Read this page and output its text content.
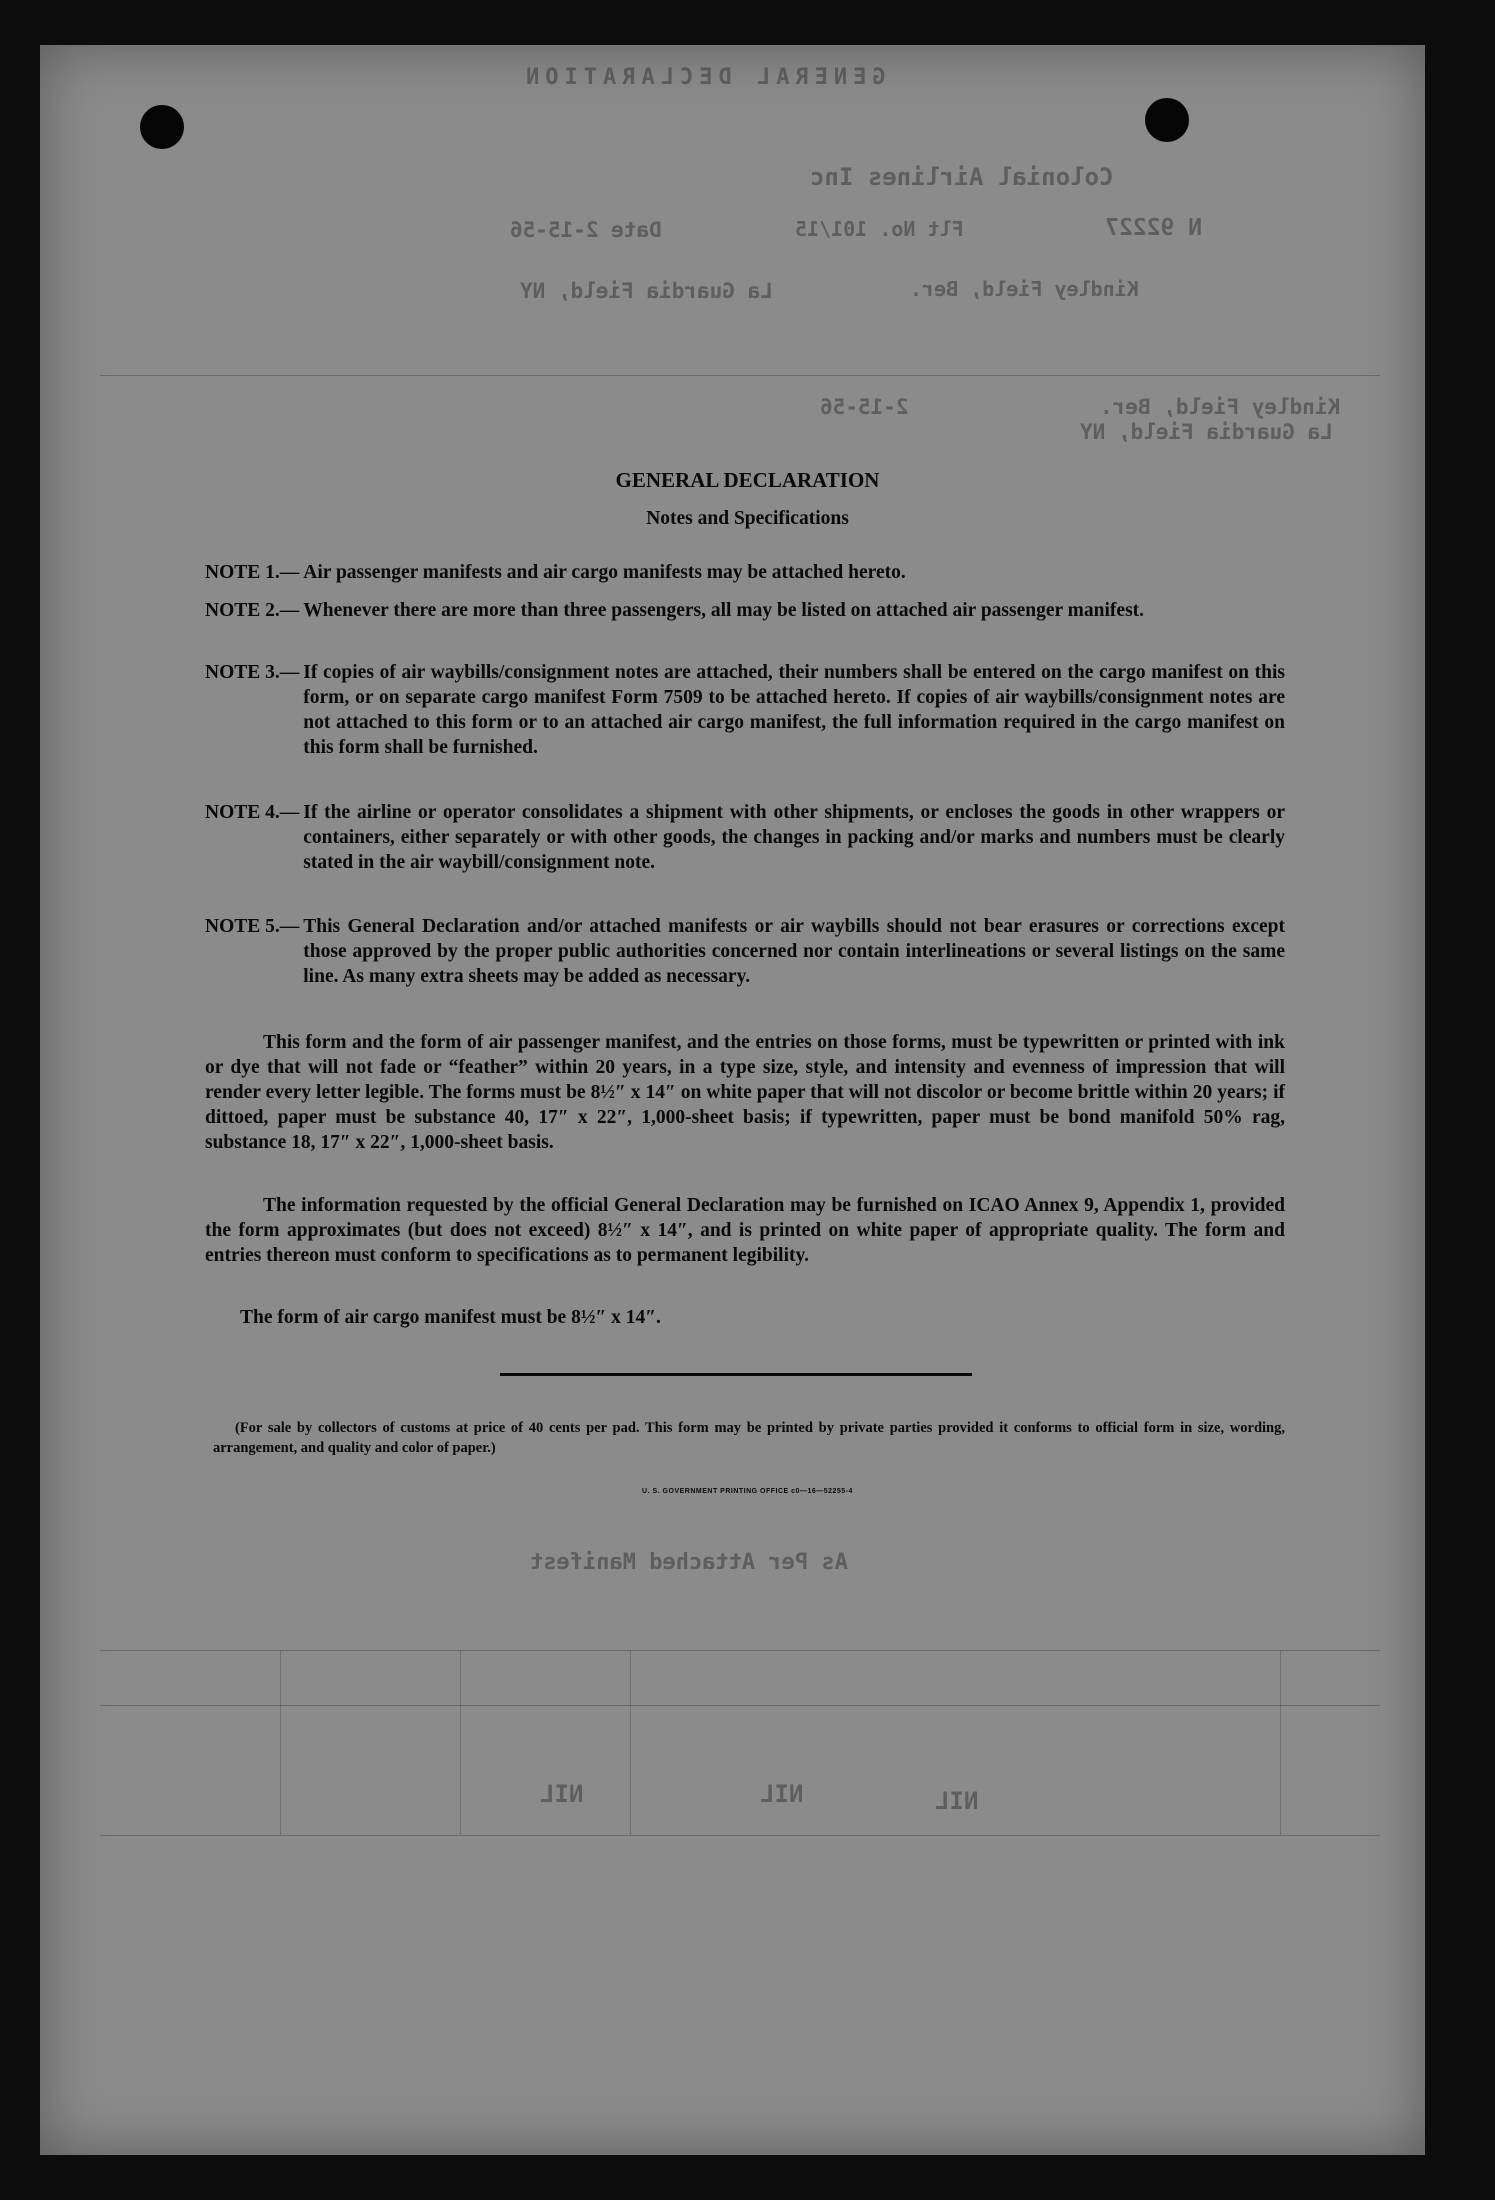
GENERAL DECLARATION
Colonial Airlines Inc
N 92227
Flt No. 101/15
Date 2-15-56
Kindley Field, Ber.
La Guardia Field, NY
Kindley Field, Ber.
La Guardia Field, NY
2-15-56
As Per Attached Manifest
NIL	NIL	NIL
GENERAL DECLARATION
Notes and Specifications
NOTE 1.— Air passenger manifests and air cargo manifests may be attached hereto.
NOTE 2.— Whenever there are more than three passengers, all may be listed on attached air passenger manifest.
NOTE 3.— If copies of air waybills/consignment notes are attached, their numbers shall be entered on the cargo manifest on this form, or on separate cargo manifest Form 7509 to be attached hereto. If copies of air waybills/consignment notes are not attached to this form or to an attached air cargo manifest, the full information required in the cargo manifest on this form shall be furnished.
NOTE 4.— If the airline or operator consolidates a shipment with other shipments, or encloses the goods in other wrappers or containers, either separately or with other goods, the changes in packing and/or marks and numbers must be clearly stated in the air waybill/consignment note.
NOTE 5.— This General Declaration and/or attached manifests or air waybills should not bear erasures or corrections except those approved by the proper public authorities concerned nor contain interlineations or several listings on the same line. As many extra sheets may be added as necessary.
This form and the form of air passenger manifest, and the entries on those forms, must be typewritten or printed with ink or dye that will not fade or “feather” within 20 years, in a type size, style, and intensity and evenness of impression that will render every letter legible. The forms must be 8½″ x 14″ on white paper that will not discolor or become brittle within 20 years; if dittoed, paper must be substance 40, 17″ x 22″, 1,000-sheet basis; if typewritten, paper must be bond manifold 50% rag, substance 18, 17″ x 22″, 1,000-sheet basis.
The information requested by the official General Declaration may be furnished on ICAO Annex 9, Appendix 1, provided the form approximates (but does not exceed) 8½″ x 14″, and is printed on white paper of appropriate quality. The form and entries thereon must conform to specifications as to permanent legibility.
The form of air cargo manifest must be 8½″ x 14″.
(For sale by collectors of customs at price of 40 cents per pad. This form may be printed by private parties provided it conforms to official form in size, wording, arrangement, and quality and color of paper.)
U. S. GOVERNMENT PRINTING OFFICE c0—16—52255-4
